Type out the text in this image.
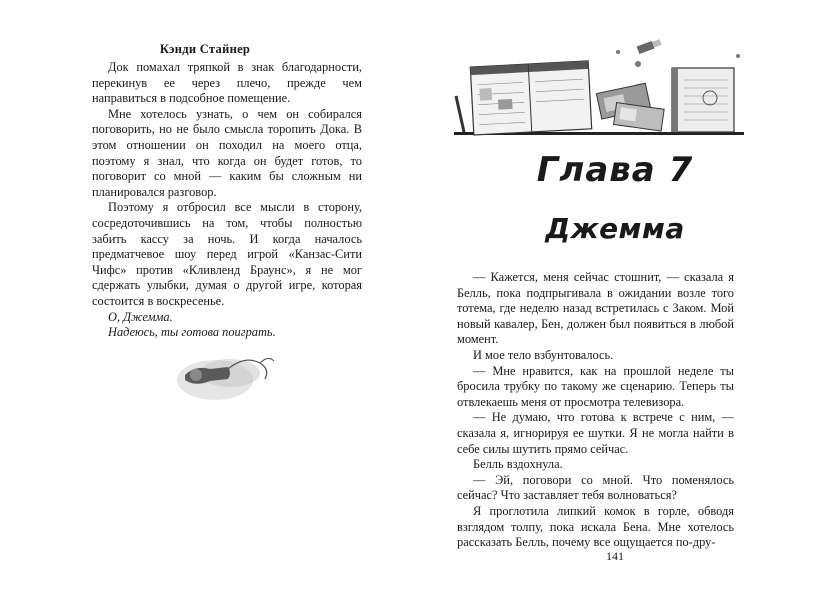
Кэнди Стайнер

Док помахал тряпкой в знак благодарности, перекинув ее через плечо, прежде чем направиться в подсобное помещение.

Мне хотелось узнать, о чем он собирался поговорить, но не было смысла торопить Дока. В этом отношении он походил на моего отца, поэтому я знал, что когда он будет готов, то поговорит со мной — каким бы сложным ни планировался разговор.

Поэтому я отбросил все мысли в сторону, сосредоточившись на том, чтобы полностью забить кассу за ночь. И когда началось предматчевое шоу перед игрой «Канзас-Сити Чифс» против «Кливленд Браунс», я не мог сдержать улыбки, думая о другой игре, которая состоится в воскресенье.

О, Джемма.

Надеюсь, ты готова поиграть.

Глава 7
Джемма

— Кажется, меня сейчас стошнит, — сказала я Белль, пока подпрыгивала в ожидании возле того тотема, где неделю назад встретилась с Заком. Мой новый кавалер, Бен, должен был появиться в любой момент.

И мое тело взбунтовалось.

— Мне нравится, как на прошлой неделе ты бросила трубку по такому же сценарию. Теперь ты отвлекаешь меня от просмотра телевизора.

— Не думаю, что готова к встрече с ним, — сказала я, игнорируя ее шутки. Я не могла найти в себе силы шутить прямо сейчас.

Белль вздохнула.

— Эй, поговори со мной. Что поменялось сейчас? Что заставляет тебя волноваться?

Я проглотила липкий комок в горле, обводя взглядом толпу, пока искала Бена. Мне хотелось рассказать Белль, почему все ощущается по-дру-

141
